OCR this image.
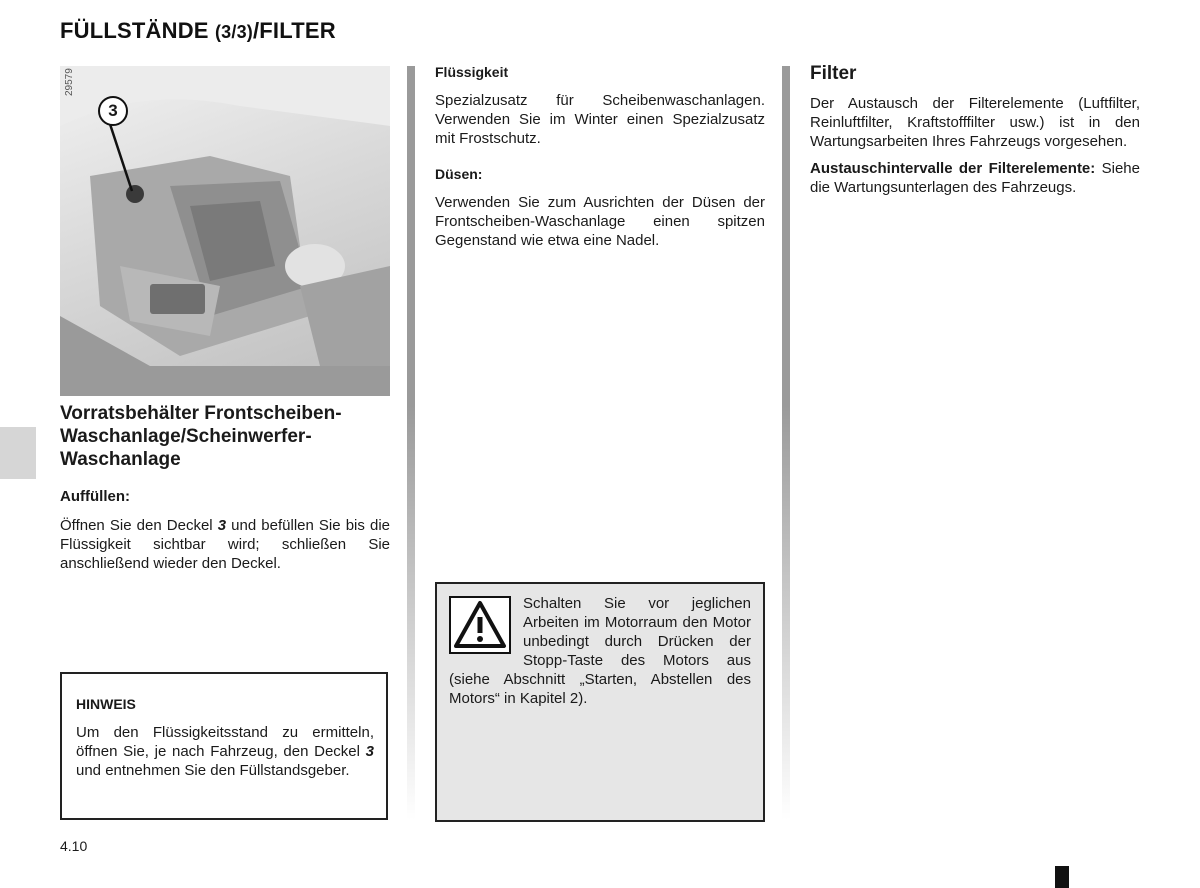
FÜLLSTÄNDE (3/3)/FILTER
29579
3
Vorratsbehälter Frontscheiben-Waschanlage/Scheinwerfer-Waschanlage

Auffüllen:

Öffnen Sie den Deckel 3 und befüllen Sie bis die Flüssigkeit sichtbar wird; schließen Sie anschließend wieder den Deckel.

HINWEIS

Um den Flüssigkeitsstand zu ermitteln, öffnen Sie, je nach Fahrzeug, den Deckel 3 und entnehmen Sie den Füllstandsgeber.

Flüssigkeit

Spezialzusatz für Scheibenwaschanlagen. Verwenden Sie im Winter einen Spezialzusatz mit Frostschutz.

Düsen:

Verwenden Sie zum Ausrichten der Düsen der Frontscheiben-Waschanlage einen spitzen Gegenstand wie etwa eine Nadel.

Schalten Sie vor jeglichen Arbeiten im Motorraum den Motor unbedingt durch Drücken der Stopp-Taste des Motors aus (siehe Abschnitt „Starten, Abstellen des Motors“ in Kapitel 2).

Filter

Der Austausch der Filterelemente (Luftfilter, Reinluftfilter, Kraftstofffilter usw.) ist in den Wartungsarbeiten Ihres Fahrzeugs vorgesehen.

Austauschintervalle der Filterelemente: Siehe die Wartungsunterlagen des Fahrzeugs.

4.10
